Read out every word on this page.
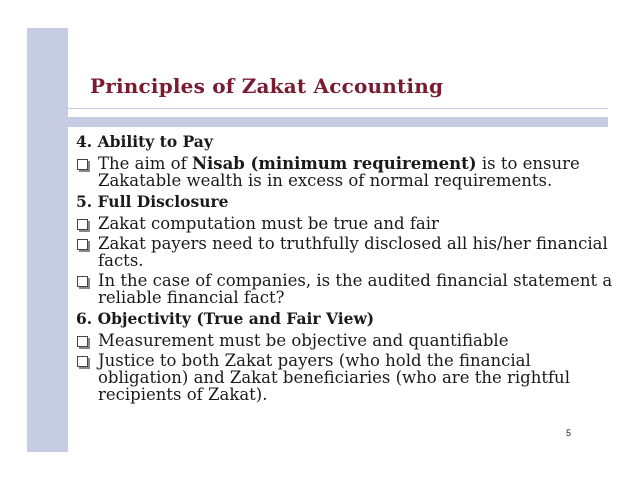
Principles of Zakat Accounting

4. Ability to Pay

The aim of Nisab (minimum requirement) is to ensure Zakatable wealth is in excess of normal requirements.

5. Full Disclosure

Zakat computation must be true and fair
Zakat payers need to truthfully disclosed all his/her financial facts.
In the case of companies, is the audited financial statement a reliable financial fact?

6. Objectivity (True and Fair View)

Measurement must be objective and quantifiable
Justice to both Zakat payers (who hold the financial obligation) and Zakat beneficiaries (who are the rightful recipients of Zakat).
5
